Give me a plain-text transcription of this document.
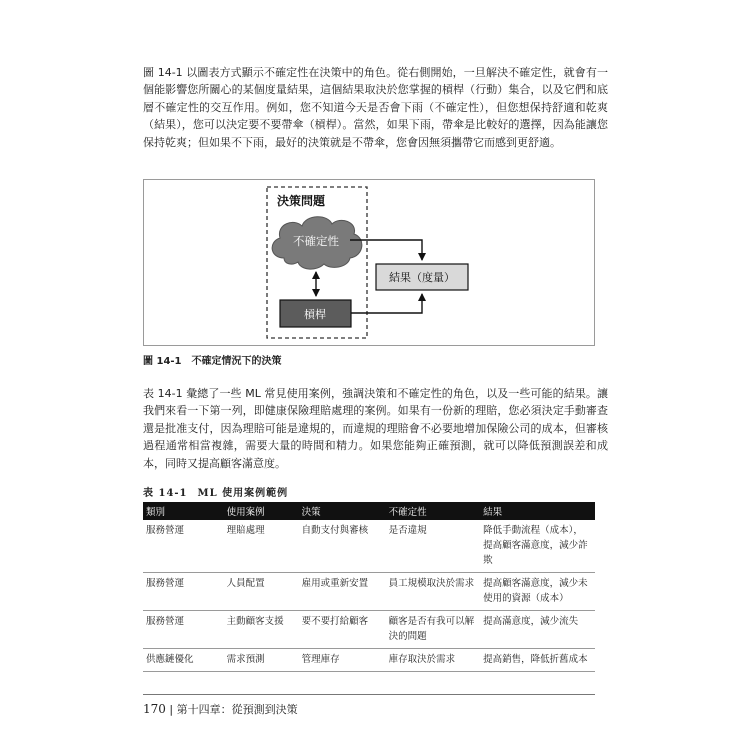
圖 14-1 以圖表方式顯示不確定性在決策中的角色。從右側開始，一旦解決不確定性，就會有一個能影響您所關心的某個度量結果，這個結果取決於您掌握的槓桿（行動）集合，以及它們和底層不確定性的交互作用。例如，您不知道今天是否會下雨（不確定性），但您想保持舒適和乾爽（結果），您可以決定要不要帶傘（槓桿）。當然，如果下雨，帶傘是比較好的選擇，因為能讓您保持乾爽；但如果不下雨，最好的決策就是不帶傘，您會因無須攜帶它而感到更舒適。

決策問題
不確定性
槓桿
結果（度量）
圖 14-1 不確定情況下的決策

表 14-1 彙總了一些 ML 常見使用案例，強調決策和不確定性的角色，以及一些可能的結果。讓我們來看一下第一列，即健康保險理賠處理的案例。如果有一份新的理賠，您必須決定手動審查還是批准支付，因為理賠可能是違規的，而違規的理賠會不必要地增加保險公司的成本，但審核過程通常相當複雜，需要大量的時間和精力。如果您能夠正確預測，就可以降低預測誤差和成本，同時又提高顧客滿意度。

表 14-1 ML 使用案例範例
類別	使用案例	決策	不確定性	結果
服務營運	理賠處理	自動支付與審核	是否違規	降低手動流程（成本），提高顧客滿意度，減少詐欺
服務營運	人員配置	雇用或重新安置	員工規模取決於需求	提高顧客滿意度，減少未使用的資源（成本）
服務營運	主動顧客支援	要不要打給顧客	顧客是否有我可以解決的問題	提高滿意度，減少流失
供應鏈優化	需求預測	管理庫存	庫存取決於需求	提高銷售，降低折舊成本
170 | 第十四章：從預測到決策
